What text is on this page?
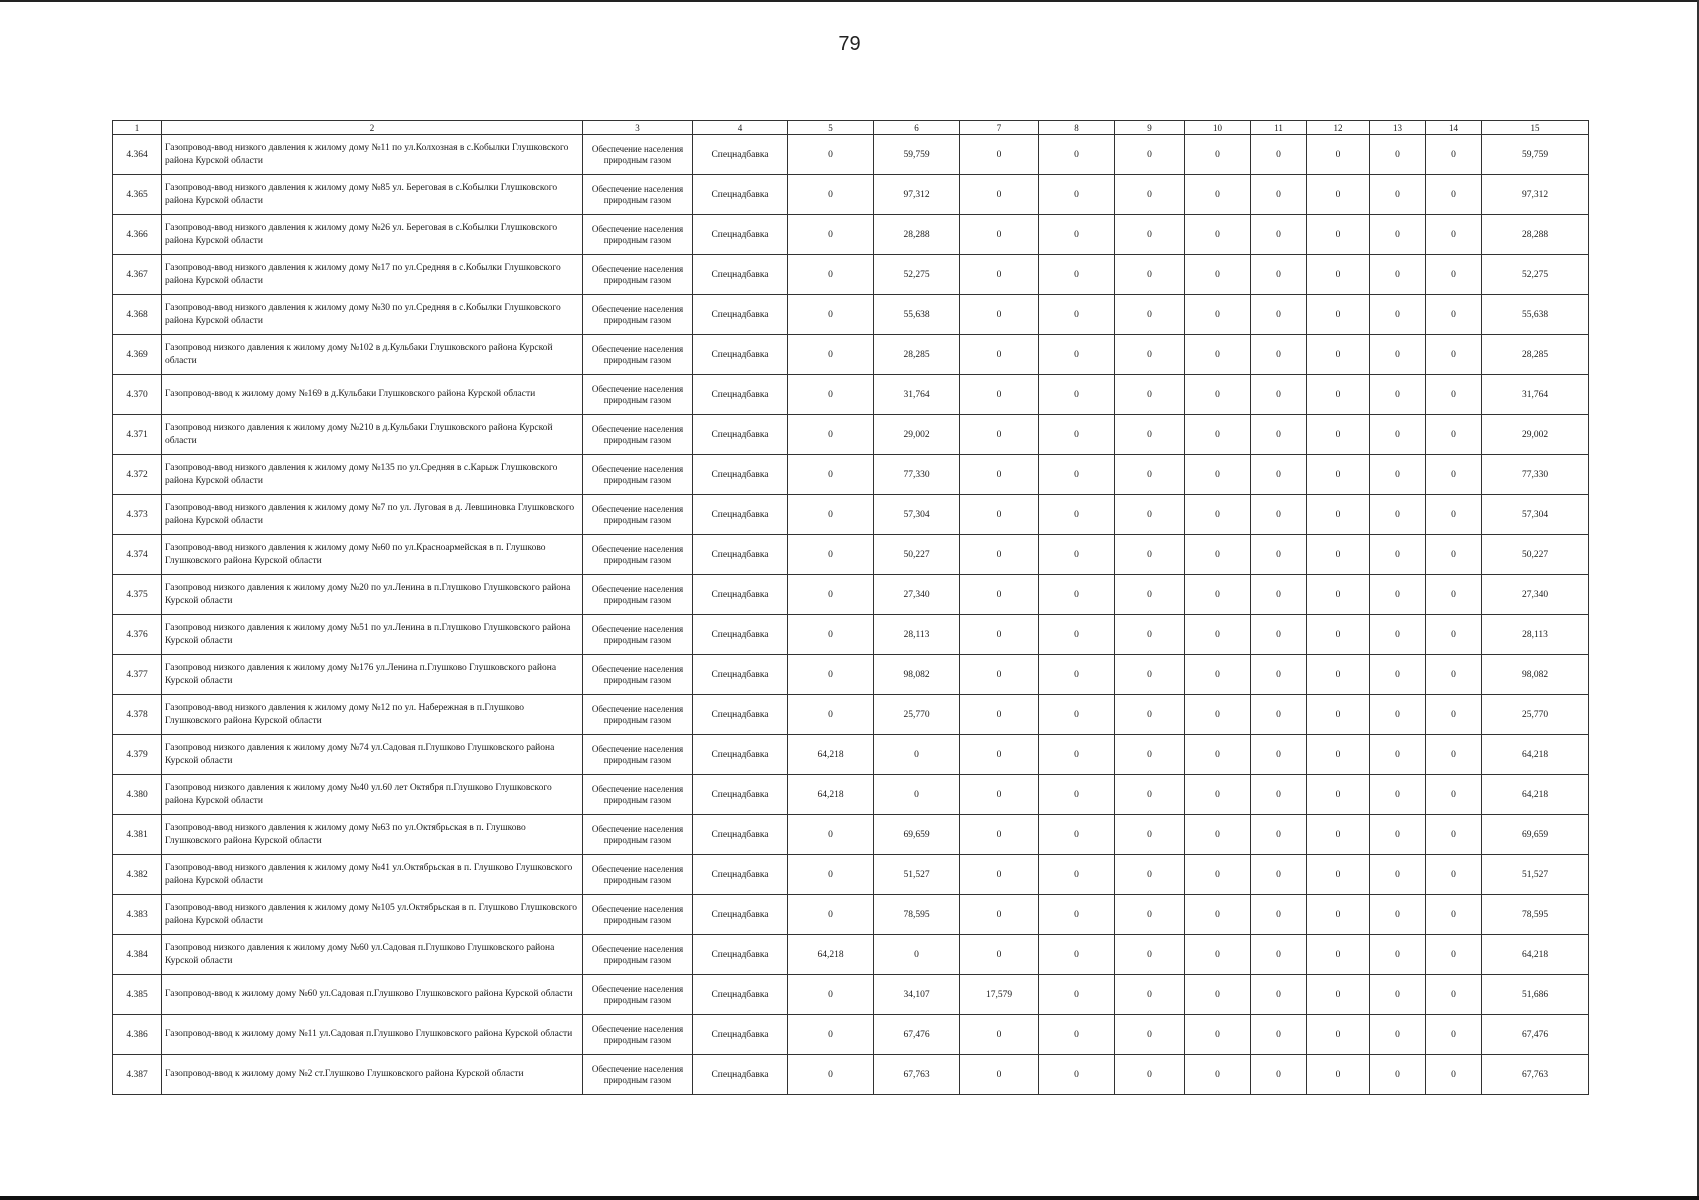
79
1	2	3	4	5	6	7	8	9	10	11	12	13	14	15
4.364	Газопровод-ввод низкого давления к жилому дому №11 по ул.Колхозная в с.Кобылки Глушковского района Курской области	Обеспечение населения природным газом	Спецнадбавка	0	59,759	0	0	0	0	0	0	0	0	59,759
4.365	Газопровод-ввод низкого давления к жилому дому №85 ул. Береговая в с.Кобылки Глушковского района Курской области	Обеспечение населения природным газом	Спецнадбавка	0	97,312	0	0	0	0	0	0	0	0	97,312
4.366	Газопровод-ввод низкого давления к жилому дому №26 ул. Береговая в с.Кобылки Глушковского района Курской области	Обеспечение населения природным газом	Спецнадбавка	0	28,288	0	0	0	0	0	0	0	0	28,288
4.367	Газопровод-ввод низкого давления к жилому дому №17 по ул.Средняя в с.Кобылки Глушковского района Курской области	Обеспечение населения природным газом	Спецнадбавка	0	52,275	0	0	0	0	0	0	0	0	52,275
4.368	Газопровод-ввод низкого давления к жилому дому №30 по ул.Средняя в с.Кобылки Глушковского района Курской области	Обеспечение населения природным газом	Спецнадбавка	0	55,638	0	0	0	0	0	0	0	0	55,638
4.369	Газопровод низкого давления к жилому дому №102 в д.Кульбаки Глушковского района Курской области	Обеспечение населения природным газом	Спецнадбавка	0	28,285	0	0	0	0	0	0	0	0	28,285
4.370	Газопровод-ввод к жилому дому №169 в д.Кульбаки Глушковского района Курской области	Обеспечение населения природным газом	Спецнадбавка	0	31,764	0	0	0	0	0	0	0	0	31,764
4.371	Газопровод низкого давления к жилому дому №210 в д.Кульбаки Глушковского района Курской области	Обеспечение населения природным газом	Спецнадбавка	0	29,002	0	0	0	0	0	0	0	0	29,002
4.372	Газопровод-ввод низкого давления к жилому дому №135 по ул.Средняя в с.Карыж Глушковского района Курской области	Обеспечение населения природным газом	Спецнадбавка	0	77,330	0	0	0	0	0	0	0	0	77,330
4.373	Газопровод-ввод низкого давления к жилому дому №7 по ул. Луговая в д. Левшиновка Глушковского района Курской области	Обеспечение населения природным газом	Спецнадбавка	0	57,304	0	0	0	0	0	0	0	0	57,304
4.374	Газопровод-ввод низкого давления к жилому дому №60 по ул.Красноармейская в п. Глушково Глушковского района Курской области	Обеспечение населения природным газом	Спецнадбавка	0	50,227	0	0	0	0	0	0	0	0	50,227
4.375	Газопровод низкого давления к жилому дому №20 по ул.Ленина в п.Глушково Глушковского района Курской области	Обеспечение населения природным газом	Спецнадбавка	0	27,340	0	0	0	0	0	0	0	0	27,340
4.376	Газопровод низкого давления к жилому дому №51 по ул.Ленина в п.Глушково Глушковского района Курской области	Обеспечение населения природным газом	Спецнадбавка	0	28,113	0	0	0	0	0	0	0	0	28,113
4.377	Газопровод низкого давления к жилому дому №176 ул.Ленина п.Глушково Глушковского района Курской области	Обеспечение населения природным газом	Спецнадбавка	0	98,082	0	0	0	0	0	0	0	0	98,082
4.378	Газопровод-ввод низкого давления к жилому дому №12 по ул. Набережная в п.Глушково Глушковского района Курской области	Обеспечение населения природным газом	Спецнадбавка	0	25,770	0	0	0	0	0	0	0	0	25,770
4.379	Газопровод низкого давления к жилому дому №74 ул.Садовая п.Глушково Глушковского района Курской области	Обеспечение населения природным газом	Спецнадбавка	64,218	0	0	0	0	0	0	0	0	0	64,218
4.380	Газопровод низкого давления к жилому дому №40 ул.60 лет Октября п.Глушково Глушковского района Курской области	Обеспечение населения природным газом	Спецнадбавка	64,218	0	0	0	0	0	0	0	0	0	64,218
4.381	Газопровод-ввод низкого давления к жилому дому №63 по ул.Октябрьская в п. Глушково Глушковского района Курской области	Обеспечение населения природным газом	Спецнадбавка	0	69,659	0	0	0	0	0	0	0	0	69,659
4.382	Газопровод-ввод низкого давления к жилому дому №41 ул.Октябрьская в п. Глушково Глушковского района Курской области	Обеспечение населения природным газом	Спецнадбавка	0	51,527	0	0	0	0	0	0	0	0	51,527
4.383	Газопровод-ввод низкого давления к жилому дому №105 ул.Октябрьская в п. Глушково Глушковского района Курской области	Обеспечение населения природным газом	Спецнадбавка	0	78,595	0	0	0	0	0	0	0	0	78,595
4.384	Газопровод низкого давления к жилому дому №60 ул.Садовая п.Глушково Глушковского района Курской области	Обеспечение населения природным газом	Спецнадбавка	64,218	0	0	0	0	0	0	0	0	0	64,218
4.385	Газопровод-ввод к жилому дому №60 ул.Садовая п.Глушково Глушковского района Курской области	Обеспечение населения природным газом	Спецнадбавка	0	34,107	17,579	0	0	0	0	0	0	0	51,686
4.386	Газопровод-ввод к жилому дому №11 ул.Садовая п.Глушково Глушковского района Курской области	Обеспечение населения природным газом	Спецнадбавка	0	67,476	0	0	0	0	0	0	0	0	67,476
4.387	Газопровод-ввод к жилому дому №2 ст.Глушково Глушковского района Курской области	Обеспечение населения природным газом	Спецнадбавка	0	67,763	0	0	0	0	0	0	0	0	67,763
